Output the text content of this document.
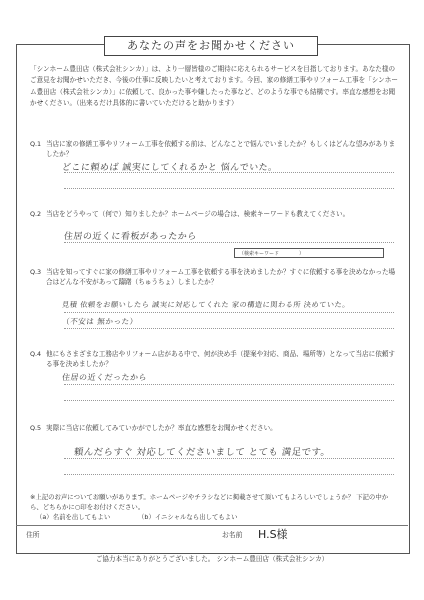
あなたの声をお聞かせください
「シンホーム豊田店（株式会社シンカ）」は、より一層皆様のご期待に応えられるサービスを目指しております。あなた様のご意見をお聞かせいただき、今後の仕事に反映したいと考えております。今回、家の修繕工事やリフォーム工事を「シンホーム豊田店（株式会社シンカ）」に依頼して、良かった事や嫌したった事など、どのような事でも結構です。率直な感想をお聞かせください。（出来るだけ具体的に書いていただけると助かります）
Q.1 当店に家の修繕工事やリフォーム工事を依頼する前は、どんなことで悩んでいましたか？もしくはどんな望みがありましたか？
どこに頼めば 誠実にしてくれるかと 悩んでいた。
Q.2 当店をどうやって（何で）知りましたか？ホームページの場合は、検索キーワードも教えてください。
住居の近くに看板があったから
（検索キーワード　　　　）
Q.3 当店を知ってすぐに家の修繕工事やリフォーム工事を依頼する事を決めましたか？すぐに依頼する事を決めなかった場合はどんな不安があって躊躇（ちゅうちょ）しましたか？
見積 依頼をお願いしたら 誠実に対応してくれた 家の構造に関わる所 決めていた。
（不安は 無かった）
Q.4 他にもさまざまな工務店やリフォーム店がある中で、何が決め手（提案や対応、商品、場所等）となって当店に依頼する事を決めましたか？
住居の近くだったから
Q.5 実際に当店に依頼してみていかがでしたか？率直な感想をお聞かせください。
頼んだらすぐ 対応してくださいまして とても 満足です。
※上記のお声についてお願いがあります。ホームページやチラシなどに掲載させて頂いてもよろしいでしょうか？ 下記の中から、どちらかに○印をお付けください。
（a）名前を出してもよい	（b）イニシャルなら出してもよい
住所	お名前 H.S様
ご協力本当にありがとうございました。 シンホーム豊田店（株式会社シンカ）
